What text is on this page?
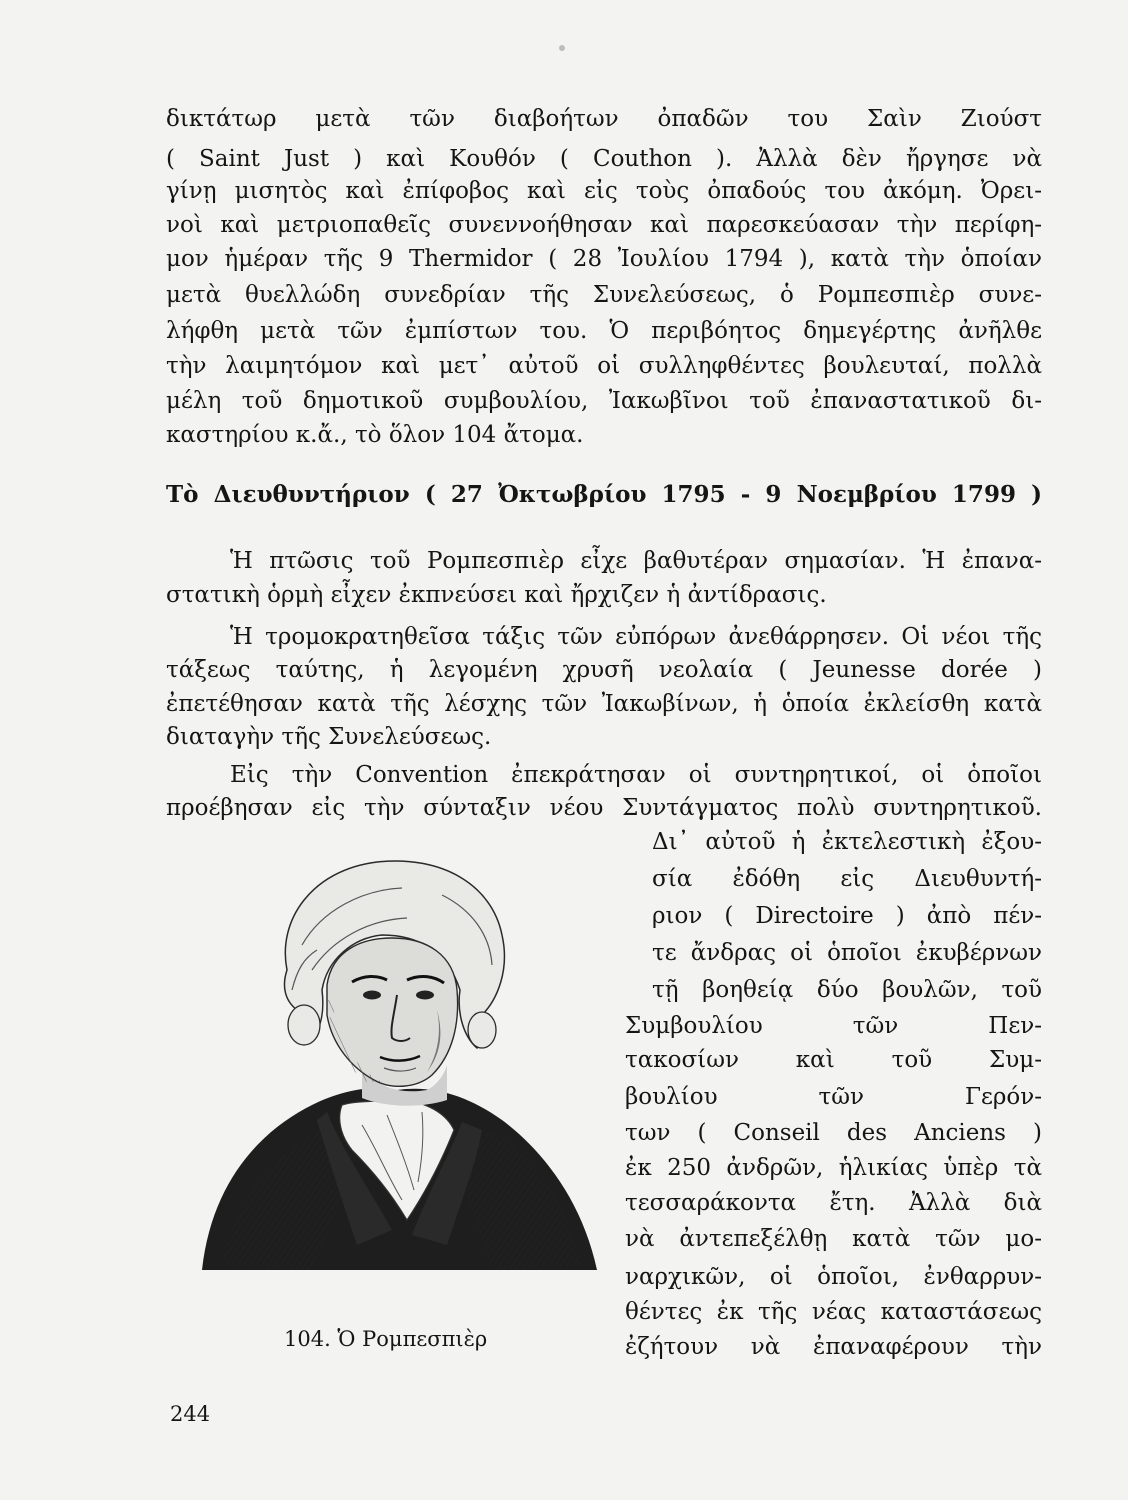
δικτάτωρ μετὰ τῶν διαβοήτων ὀπαδῶν του Σαὶν Ζιούστ
( Saint Just ) καὶ Κουθόν ( Couthon ). Ἀλλὰ δὲν ἤργησε νὰ
γίνῃ μισητὸς καὶ ἐπίφοβος καὶ εἰς τοὺς ὀπαδούς του ἀκόμη. Ὀρει-
νοὶ καὶ μετριοπαθεῖς συνεννοήθησαν καὶ παρεσκεύασαν τὴν περίφη-
μον ἡμέραν τῆς 9 Thermidor ( 28 Ἰουλίου 1794 ), κατὰ τὴν ὁποίαν
μετὰ θυελλώδη συνεδρίαν τῆς Συνελεύσεως, ὁ Ρομπεσπιὲρ συνε-
λήφθη μετὰ τῶν ἐμπίστων του. Ὁ περιβόητος δημεγέρτης ἀνῆλθε
τὴν λαιμητόμον καὶ μετ᾽ αὐτοῦ οἱ συλληφθέντες βουλευταί, πολλὰ
μέλη τοῦ δημοτικοῦ συμβουλίου, Ἰακωβῖνοι τοῦ ἐπαναστατικοῦ δι-
καστηρίου κ.ἄ., τὸ ὅλον 104 ἄτομα.
Τὸ Διευθυντήριον ( 27 Ὀκτωβρίου 1795 - 9 Νοεμβρίου 1799 )
Ἡ πτῶσις τοῦ Ρομπεσπιὲρ εἶχε βαθυτέραν σημασίαν. Ἡ ἐπανα-
στατικὴ ὁρμὴ εἶχεν ἐκπνεύσει καὶ ἤρχιζεν ἡ ἀντίδρασις.
Ἡ τρομοκρατηθεῖσα τάξις τῶν εὐπόρων ἀνεθάρρησεν. Οἱ νέοι τῆς
τάξεως ταύτης, ἡ λεγομένη χρυσῆ νεολαία ( Jeunesse dorée )
ἐπετέθησαν κατὰ τῆς λέσχης τῶν Ἰακωβίνων, ἡ ὁποία ἐκλείσθη κατὰ
διαταγὴν τῆς Συνελεύσεως.
Εἰς τὴν Convention ἐπεκράτησαν οἱ συντηρητικοί, οἱ ὁποῖοι
προέβησαν εἰς τὴν σύνταξιν νέου Συντάγματος πολὺ συντηρητικοῦ.
Δι᾽ αὐτοῦ ἡ ἐκτελεστικὴ ἐξου-
σία ἐδόθη εἰς Διευθυντή-
ριον ( Directoire ) ἀπὸ πέν-
τε ἄνδρας οἱ ὁποῖοι ἐκυβέρνων
τῇ βοηθείᾳ δύο βουλῶν, τοῦ
Συμβουλίου τῶν Πεν-
τακοσίων καὶ τοῦ Συμ-
βουλίου τῶν Γερόν-
των ( Conseil des Anciens )
ἐκ 250 ἀνδρῶν, ἡλικίας ὑπὲρ τὰ
τεσσαράκοντα ἔτη. Ἀλλὰ διὰ
νὰ ἀντεπεξέλθῃ κατὰ τῶν μο-
ναρχικῶν, οἱ ὁποῖοι, ἐνθαρρυν-
θέντες ἐκ τῆς νέας καταστάσεως
ἐζήτουν νὰ ἐπαναφέρουν τὴν
104. Ὁ Ρομπεσπιὲρ
244
